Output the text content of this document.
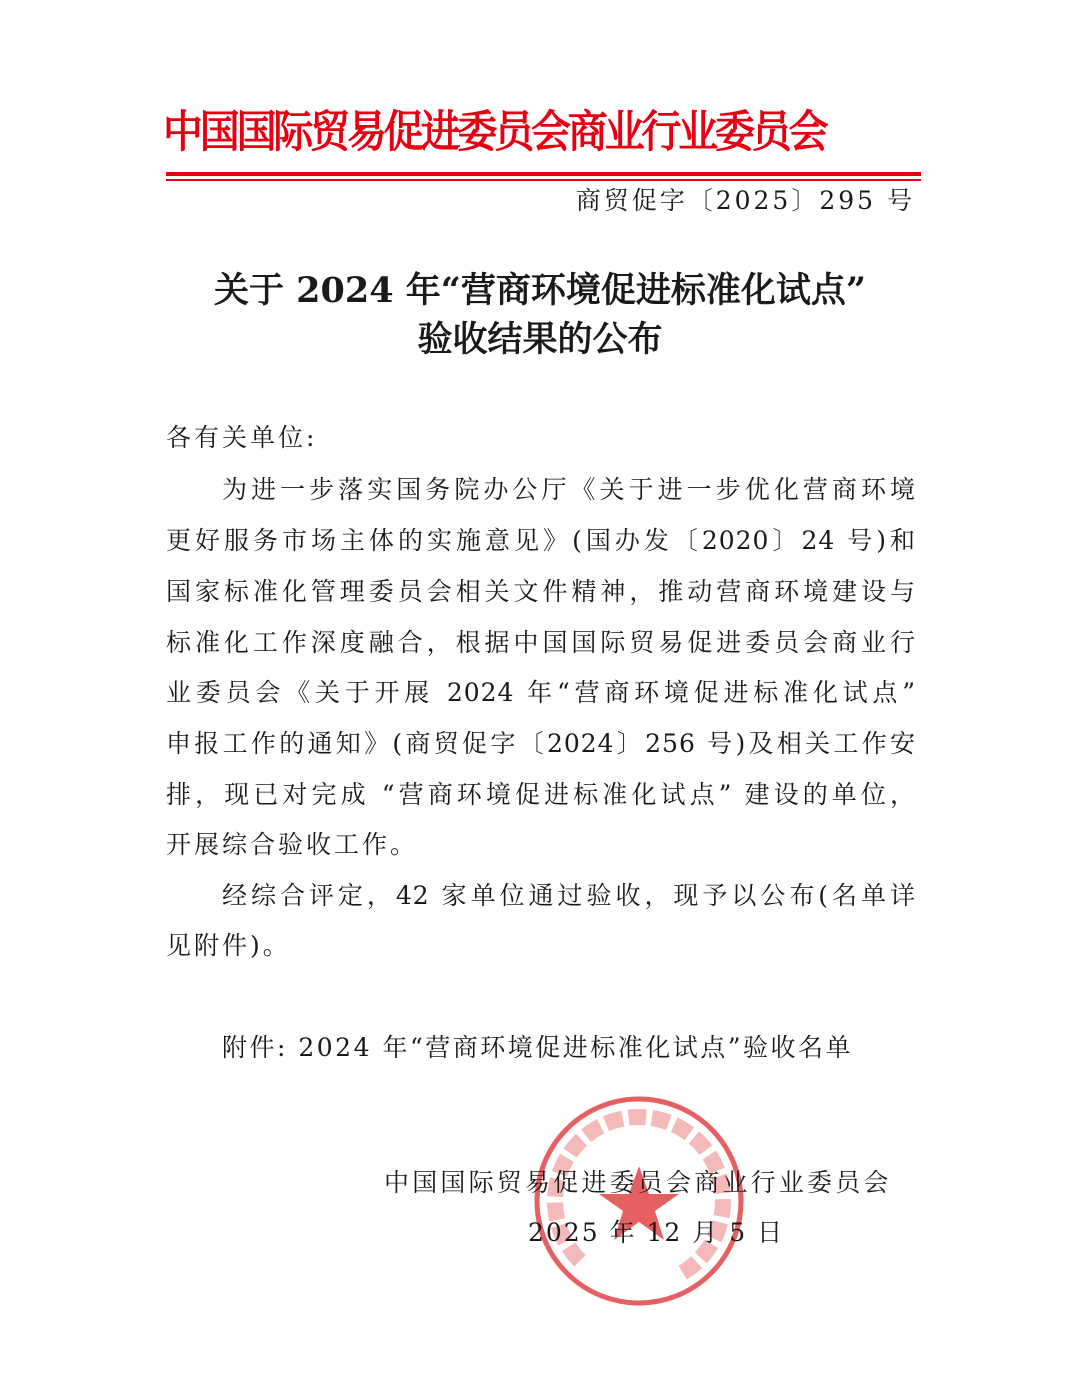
中国国际贸易促进委员会商业行业委员会
商贸促字〔2025〕295 号
关于 2024 年“营商环境促进标准化试点”
验收结果的公布
各有关单位:
为进一步落实国务院办公厅《关于进一步优化营商环境
更好服务市场主体的实施意见》(国办发〔2020〕24 号)和
国家标准化管理委员会相关文件精神，推动营商环境建设与
标准化工作深度融合，根据中国国际贸易促进委员会商业行
业委员会《关于开展 2024 年“营商环境促进标准化试点”
申报工作的通知》(商贸促字〔2024〕256 号)及相关工作安
排，现已对完成 “营商环境促进标准化试点” 建设的单位，
开展综合验收工作。
经综合评定，42 家单位通过验收，现予以公布(名单详
见附件)。
附件: 2024 年“营商环境促进标准化试点”验收名单
中国国际贸易促进委员会商业行业委员会
2025 年 12 月 5 日
